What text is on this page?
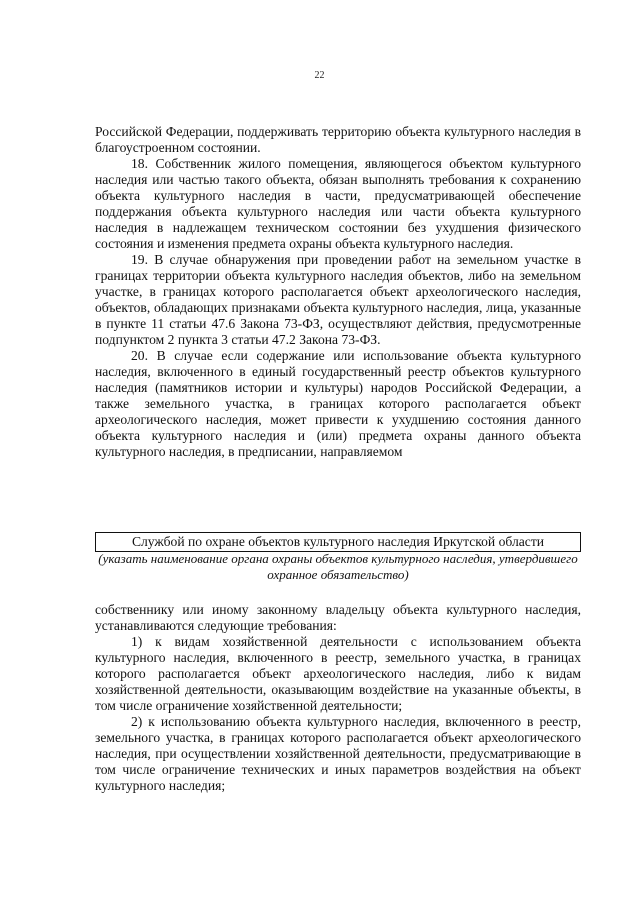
22

Российской Федерации, поддерживать территорию объекта культурного наследия в благоустроенном состоянии.

18. Собственник жилого помещения, являющегося объектом культурного наследия или частью такого объекта, обязан выполнять требования к сохранению объекта культурного наследия в части, предусматривающей обеспечение поддержания объекта культурного наследия или части объекта культурного наследия в надлежащем техническом состоянии без ухудшения физического состояния и изменения предмета охраны объекта культурного наследия.

19. В случае обнаружения при проведении работ на земельном участке в границах территории объекта культурного наследия объектов, либо на земельном участке, в границах которого располагается объект археологического наследия, объектов, обладающих признаками объекта культурного наследия, лица, указанные в пункте 11 статьи 47.6 Закона 73-ФЗ, осуществляют действия, предусмотренные подпунктом 2 пункта 3 статьи 47.2 Закона 73-ФЗ.

20. В случае если содержание или использование объекта культурного наследия, включенного в единый государственный реестр объектов культурного наследия (памятников истории и культуры) народов Российской Федерации, а также земельного участка, в границах которого располагается объект археологического наследия, может привести к ухудшению состояния данного объекта культурного наследия и (или) предмета охраны данного объекта культурного наследия, в предписании, направляемом

Службой по охране объектов культурного наследия Иркутской области
(указать наименование органа охраны объектов культурного наследия, утвердившего охранное обязательство)

собственнику или иному законному владельцу объекта культурного наследия, устанавливаются следующие требования:

1) к видам хозяйственной деятельности с использованием объекта культурного наследия, включенного в реестр, земельного участка, в границах которого располагается объект археологического наследия, либо к видам хозяйственной деятельности, оказывающим воздействие на указанные объекты, в том числе ограничение хозяйственной деятельности;

2) к использованию объекта культурного наследия, включенного в реестр, земельного участка, в границах которого располагается объект археологического наследия, при осуществлении хозяйственной деятельности, предусматривающие в том числе ограничение технических и иных параметров воздействия на объект культурного наследия;
